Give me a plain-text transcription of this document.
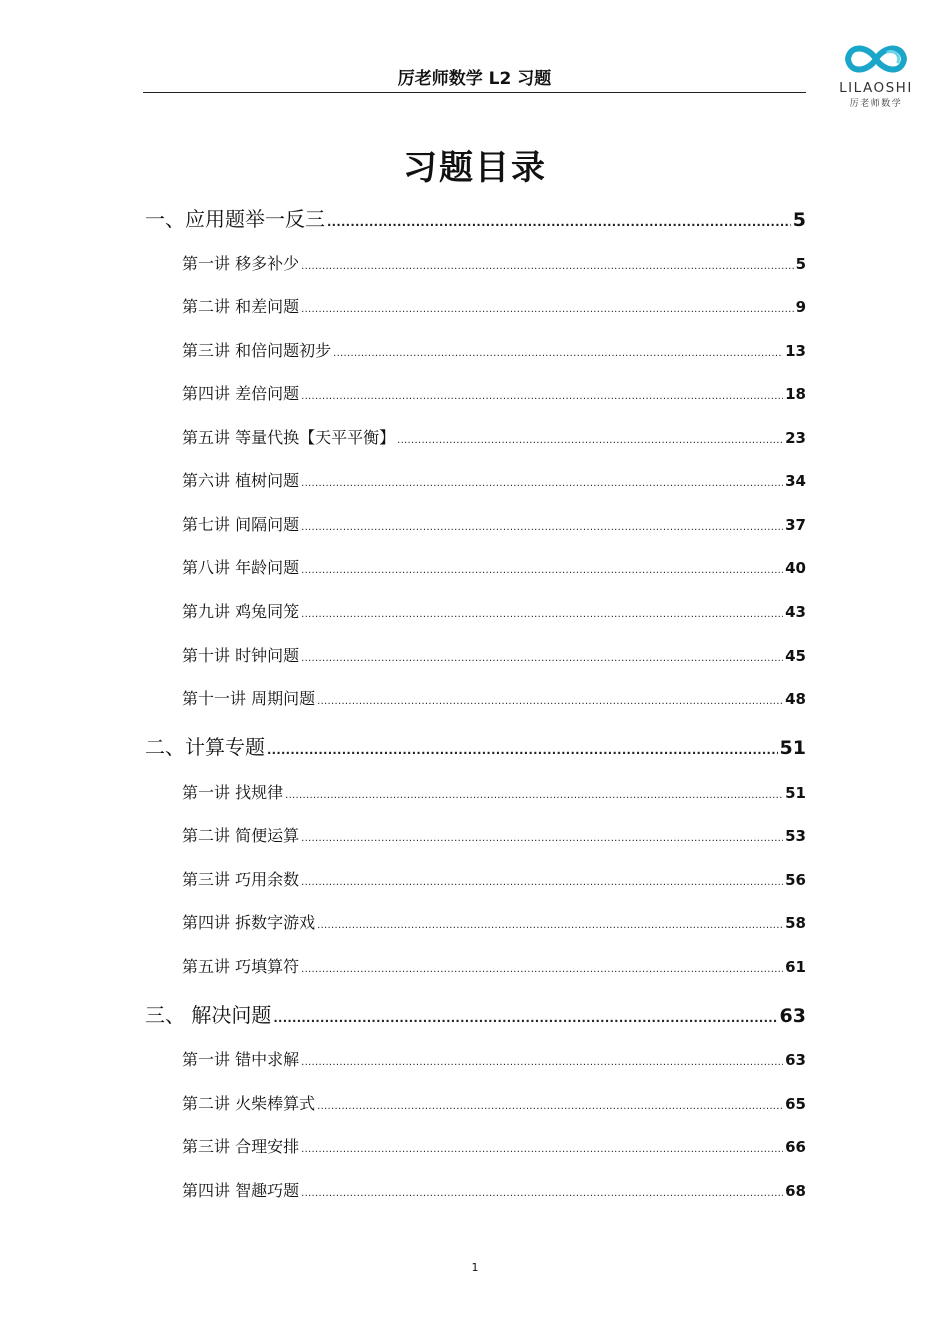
厉老师数学 L2 习题	LILAOSHI
厉老师数学
习题目录
一、应用题举一反三 .....	5
第一讲 移多补少 .....	5
第二讲 和差问题 .....	9
第三讲 和倍问题初步 .....	13
第四讲 差倍问题 .....	18
第五讲 等量代换【天平平衡】 .....	23
第六讲 植树问题 .....	34
第七讲 间隔问题 .....	37
第八讲 年龄问题 .....	40
第九讲 鸡兔同笼 .....	43
第十讲 时钟问题 .....	45
第十一讲 周期问题 .....	48
二、计算专题 .....	51
第一讲 找规律 .....	51
第二讲 简便运算 .....	53
第三讲 巧用余数 .....	56
第四讲 拆数字游戏 .....	58
第五讲 巧填算符 .....	61
三、 解决问题 .....	63
第一讲 错中求解 .....	63
第二讲 火柴棒算式 .....	65
第三讲 合理安排 .....	66
第四讲 智趣巧题 .....	68
1
